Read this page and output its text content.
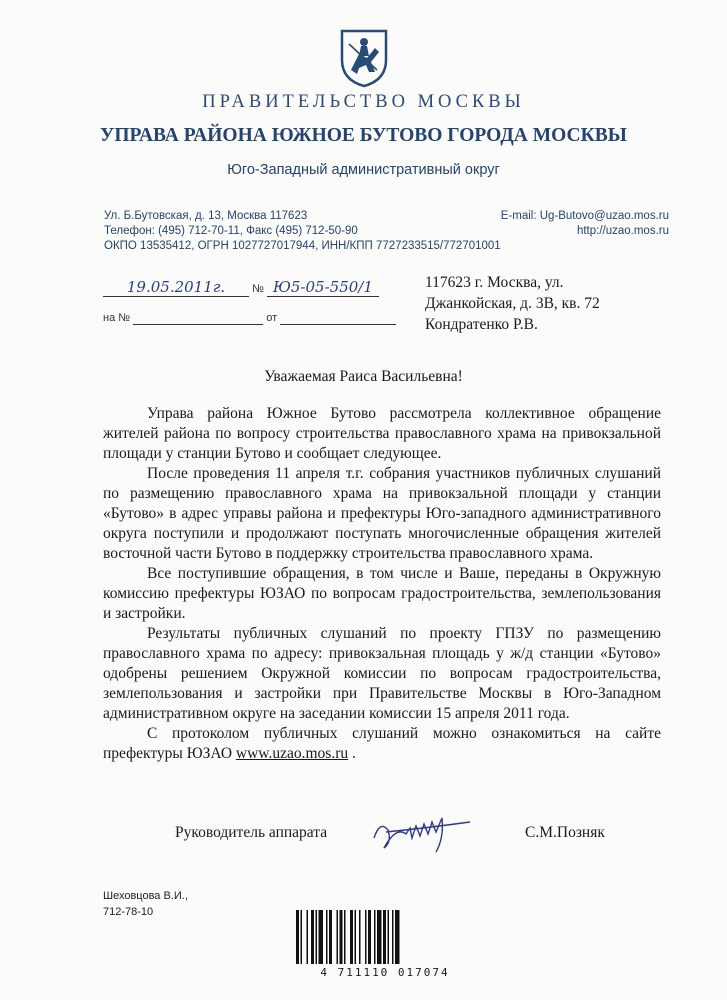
ПРАВИТЕЛЬСТВО МОСКВЫ
УПРАВА РАЙОНА ЮЖНОЕ БУТОВО ГОРОДА МОСКВЫ
Юго-Западный административный округ
Ул. Б.Бутовская, д. 13, Москва 117623
Телефон: (495) 712-70-11, Факс (495) 712-50-90
ОКПО 13535412, ОГРН 1027727017944, ИНН/КПП 7727233515/772701001
E-mail: Ug-Butovo@uzao.mos.ru
http://uzao.mos.ru
19.05.2011г. № Ю5-05-550/1
на №	от
117623 г. Москва, ул.
Джанкойская, д. 3В, кв. 72
Кондратенко Р.В.
Уважаемая Раиса Васильевна!

Управа района Южное Бутово рассмотрела коллективное обращение жителей района по вопросу строительства православного храма на привокзальной площади у станции Бутово и сообщает следующее.

После проведения 11 апреля т.г. собрания участников публичных слушаний по размещению православного храма на привокзальной площади у станции «Бутово» в адрес управы района и префектуры Юго-западного административного округа поступили и продолжают поступать многочисленные обращения жителей восточной части Бутово в поддержку строительства православного храма.

Все поступившие обращения, в том числе и Ваше, переданы в Окружную комиссию префектуры ЮЗАО по вопросам градостроительства, землепользования и застройки.

Результаты публичных слушаний по проекту ГПЗУ по размещению православного храма по адресу: привокзальная площадь у ж/д станции «Бутово» одобрены решением Окружной комиссии по вопросам градостроительства, землепользования и застройки при Правительстве Москвы в Юго-Западном административном округе на заседании комиссии 15 апреля 2011 года.

С протоколом публичных слушаний можно ознакомиться на сайте префектуры ЮЗАО www.uzao.mos.ru .

Руководитель аппарата	С.М.Позняк
Шеховцова В.И.,
712-78-10
4 711110 017074
